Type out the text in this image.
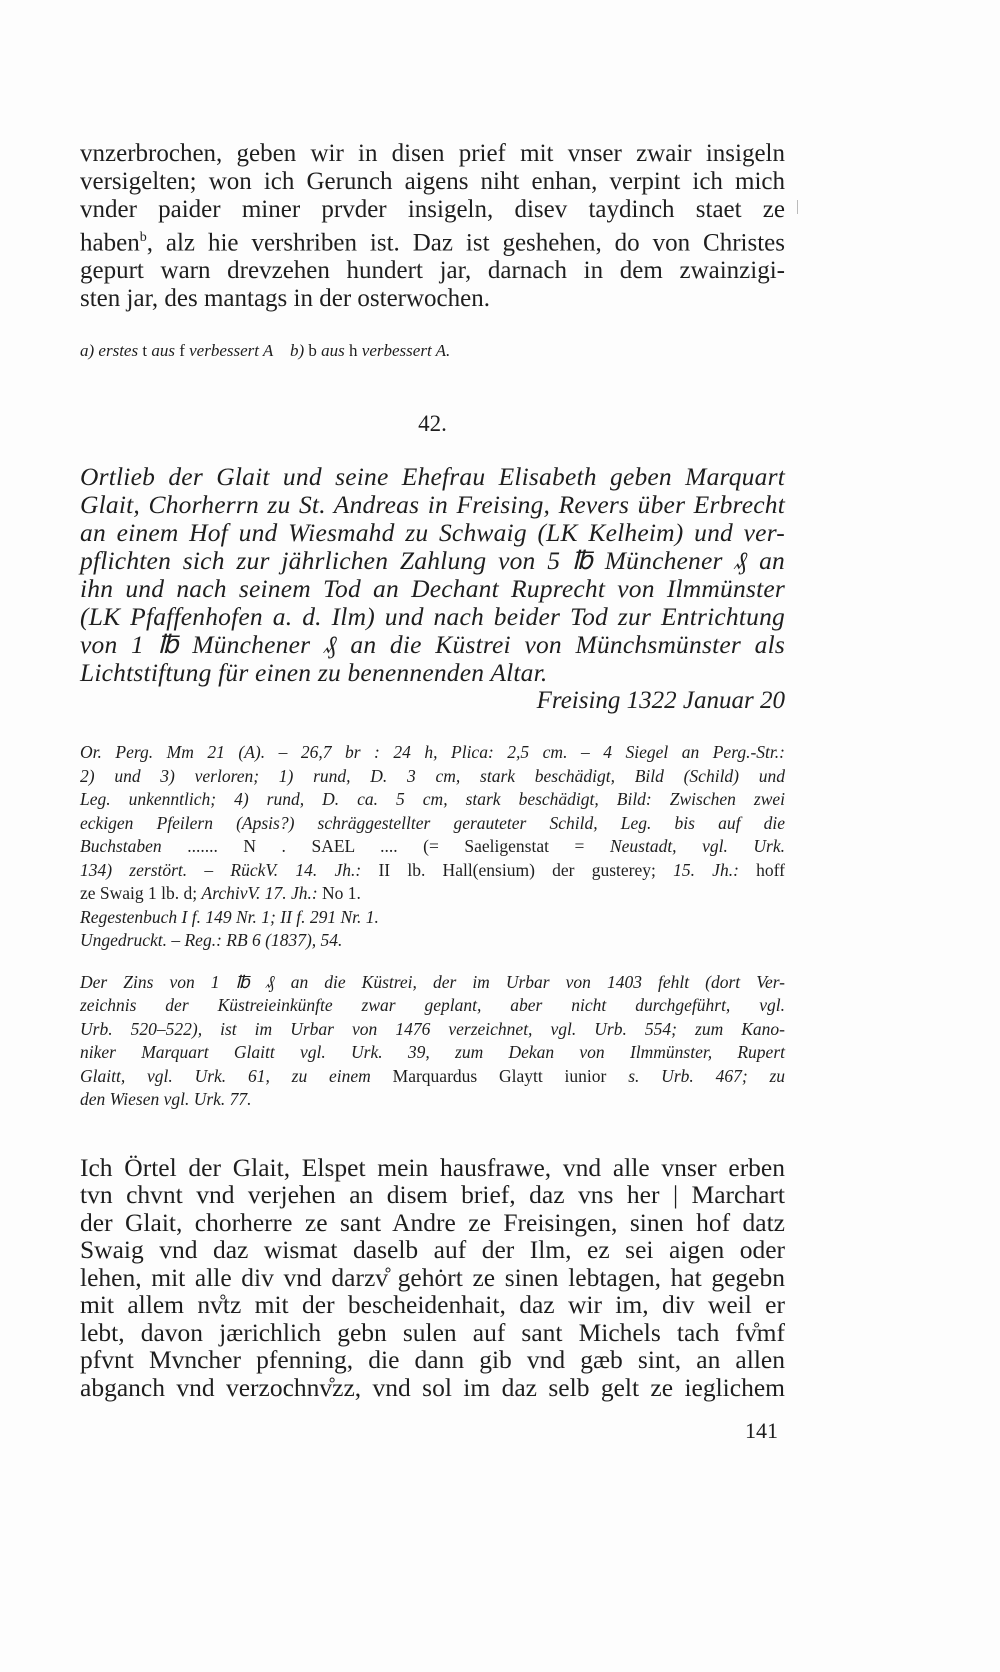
vnzerbrochen, geben wir in disen prief mit vnser zwair insigeln
versigelten; won ich Gerunch aigens niht enhan, verpint ich mich
vnder paider miner prvder insigeln, disev taydinch staet ze
haben$^b$, alz hie vershriben ist. Daz ist geshehen, do von Christes
gepurt warn drevzehen hundert jar, darnach in dem zwainzigi-
sten jar, des mantags in der osterwochen.
a) erstes t aus f verbessert A b) b aus h verbessert A.
42.
Ortlieb der Glait und seine Ehefrau Elisabeth geben Marquart
Glait, Chorherrn zu St. Andreas in Freising, Revers über Erbrecht
an einem Hof und Wiesmahd zu Schwaig (LK Kelheim) und ver-
pflichten sich zur jährlichen Zahlung von 5 ℔ Münchener ₰ an
ihn und nach seinem Tod an Dechant Ruprecht von Ilmmünster
(LK Pfaffenhofen a. d. Ilm) und nach beider Tod zur Entrichtung
von 1 ℔ Münchener ₰ an die Küstrei von Münchsmünster als
Lichtstiftung für einen zu benennenden Altar.
Freising 1322 Januar 20
Or. Perg. Mm 21 (A). – 26,7 br : 24 h, Plica: 2,5 cm. – 4 Siegel an Perg.-Str.:
2) und 3) verloren; 1) rund, D. 3 cm, stark beschädigt, Bild (Schild) und
Leg. unkenntlich; 4) rund, D. ca. 5 cm, stark beschädigt, Bild: Zwischen zwei
eckigen Pfeilern (Apsis?) schräggestellter gerauteter Schild, Leg. bis auf die
Buchstaben ....... N . SAEL .... (= Saeligenstat = Neustadt, vgl. Urk.
134) zerstört. – RückV. 14. Jh.: II lb. Hall(ensium) der gusterey; 15. Jh.: hoff
ze Swaig 1 lb. d; ArchivV. 17. Jh.: No 1.
Regestenbuch I f. 149 Nr. 1; II f. 291 Nr. 1.
Ungedruckt. – Reg.: RB 6 (1837), 54.
Der Zins von 1 ℔ ₰ an die Küstrei, der im Urbar von 1403 fehlt (dort Ver-
zeichnis der Küstreieinkünfte zwar geplant, aber nicht durchgeführt, vgl.
Urb. 520–522), ist im Urbar von 1476 verzeichnet, vgl. Urb. 554; zum Kano-
niker Marquart Glaitt vgl. Urk. 39, zum Dekan von Ilmmünster, Rupert
Glaitt, vgl. Urk. 61, zu einem Marquardus Glaytt iunior s. Urb. 467; zu
den Wiesen vgl. Urk. 77.
Ich Örtel der Glait, Elspet mein hausfrawe, vnd alle vnser erben
tvn chvnt vnd verjehen an disem brief, daz vns her | Marchart
der Glait, chorherre ze sant Andre ze Freisingen, sinen hof datz
Swaig vnd daz wismat daselb auf der Ilm, ez sei aigen oder
lehen, mit alle div vnd darzv̊ gehȯrt ze sinen lebtagen, hat gegebn
mit allem nv̊tz mit der bescheidenhait, daz wir im, div weil er
lebt, davon jærichlich gebn sulen auf sant Michels tach fv̊mf
pfvnt Mvncher pfenning, die dann gib vnd gæb sint, an allen
abganch vnd verzochnv̊zz, vnd sol im daz selb gelt ze ieglichem
141
